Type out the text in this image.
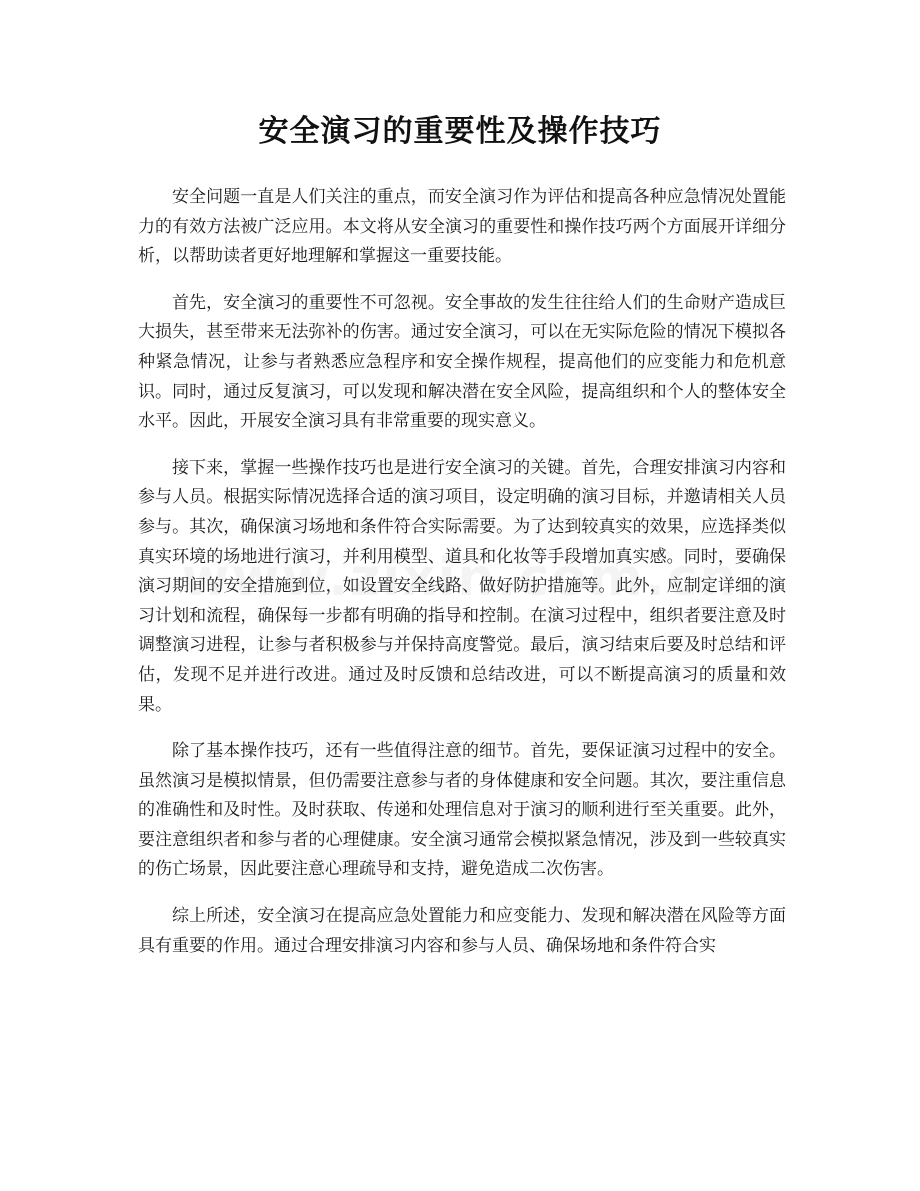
安全演习的重要性及操作技巧

安全问题一直是人们关注的重点，而安全演习作为评估和提高各种应急情况处置能力的有效方法被广泛应用。本文将从安全演习的重要性和操作技巧两个方面展开详细分析，以帮助读者更好地理解和掌握这一重要技能。

首先，安全演习的重要性不可忽视。安全事故的发生往往给人们的生命财产造成巨大损失，甚至带来无法弥补的伤害。通过安全演习，可以在无实际危险的情况下模拟各种紧急情况，让参与者熟悉应急程序和安全操作规程，提高他们的应变能力和危机意识。同时，通过反复演习，可以发现和解决潜在安全风险，提高组织和个人的整体安全水平。因此，开展安全演习具有非常重要的现实意义。

接下来，掌握一些操作技巧也是进行安全演习的关键。首先，合理安排演习内容和参与人员。根据实际情况选择合适的演习项目，设定明确的演习目标，并邀请相关人员参与。其次，确保演习场地和条件符合实际需要。为了达到较真实的效果，应选择类似真实环境的场地进行演习，并利用模型、道具和化妆等手段增加真实感。同时，要确保演习期间的安全措施到位，如设置安全线路、做好防护措施等。此外，应制定详细的演习计划和流程，确保每一步都有明确的指导和控制。在演习过程中，组织者要注意及时调整演习进程，让参与者积极参与并保持高度警觉。最后，演习结束后要及时总结和评估，发现不足并进行改进。通过及时反馈和总结改进，可以不断提高演习的质量和效果。

除了基本操作技巧，还有一些值得注意的细节。首先，要保证演习过程中的安全。虽然演习是模拟情景，但仍需要注意参与者的身体健康和安全问题。其次，要注重信息的准确性和及时性。及时获取、传递和处理信息对于演习的顺利进行至关重要。此外，要注意组织者和参与者的心理健康。安全演习通常会模拟紧急情况，涉及到一些较真实的伤亡场景，因此要注意心理疏导和支持，避免造成二次伤害。

综上所述，安全演习在提高应急处置能力和应变能力、发现和解决潜在风险等方面具有重要的作用。通过合理安排演习内容和参与人员、确保场地和条件符合实
